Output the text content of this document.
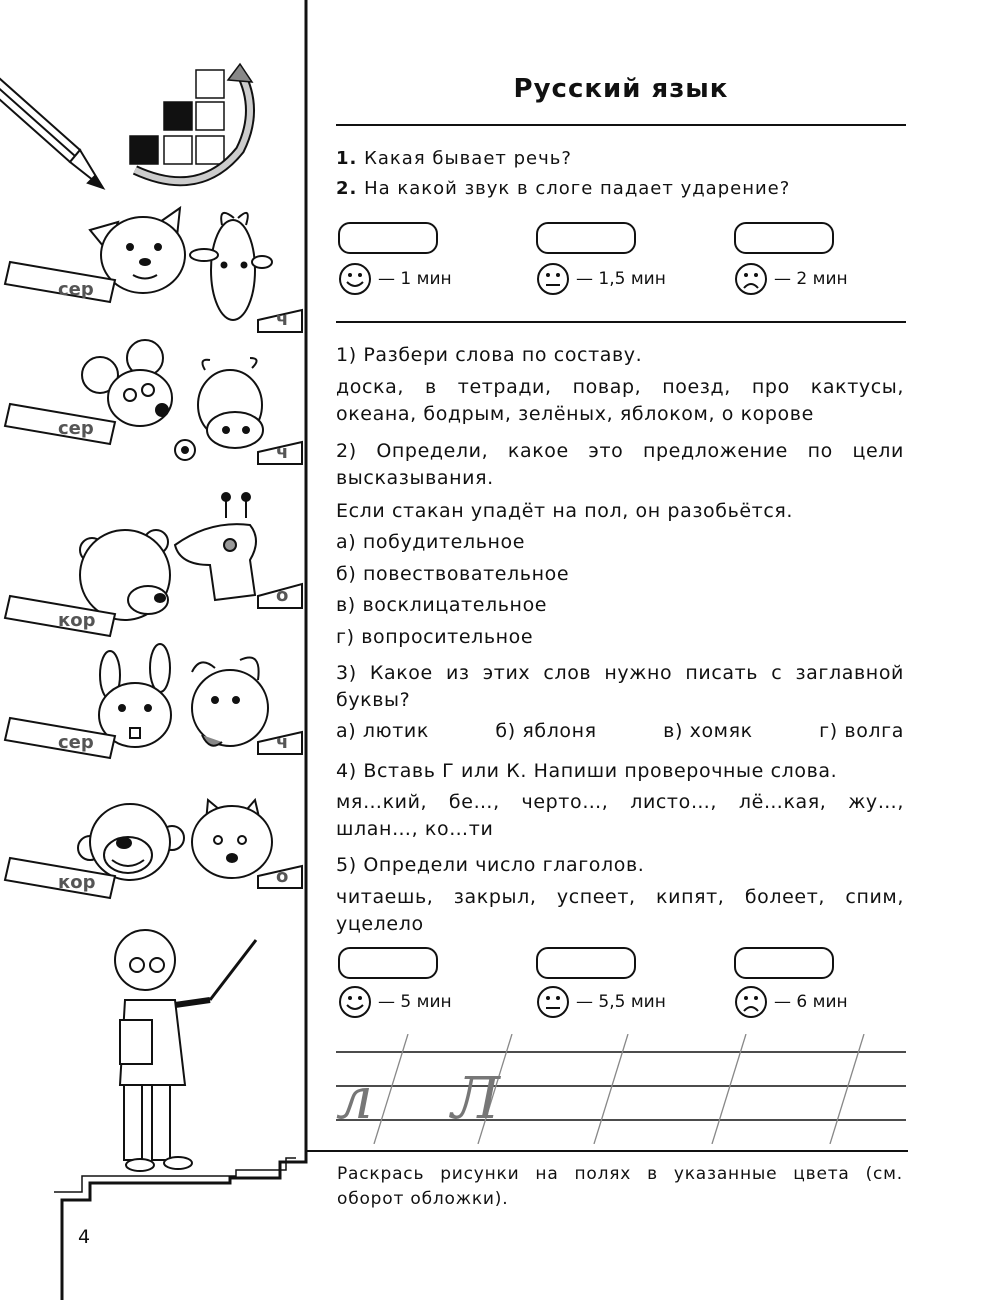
сер
ч
сер
ч
кор
о
сер	ч
кор	о
Русский язык
1. Какая бывает речь?
2. На какой звук в слоге падает ударение?
— 1 мин	— 1,5 мин	— 2 мин
1) Разбери слова по составу.
доска, в тетради, повар, поезд, про кактусы, океана, бодрым, зелёных, яблоком, о корове
2) Определи, какое это предложение по цели высказывания.
Если стакан упадёт на пол, он разобьётся.
а) побудительное
б) повествовательное
в) восклицательное
г) вопросительное
3) Какое из этих слов нужно писать с заглавной буквы?
а) лютик	б) яблоня	в) хомяк	г) волга
4) Вставь Г или К. Напиши проверочные слова.
мя…кий, бе…, черто…, листо…, лё…кая, жу…, шлан…, ко…ти
5) Определи число глаголов.
читаешь, закрыл, успеет, кипят, болеет, спим, уцелело
— 5 мин	— 5,5 мин	— 6 мин
л Л
Раскрась рисунки на полях в указанные цвета (см. оборот обложки).
4
